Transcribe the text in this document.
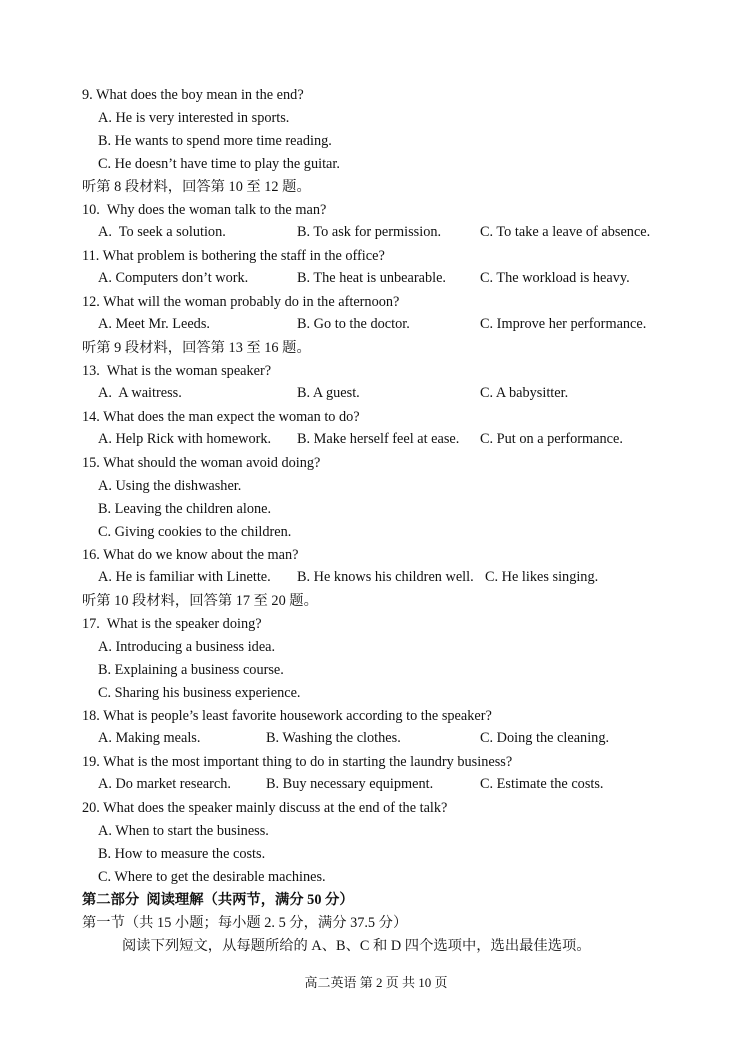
9. What does the boy mean in the end?
A. He is very interested in sports.
B. He wants to spend more time reading.
C. He doesn’t have time to play the guitar.
听第 8 段材料，回答第 10 至 12 题。
10.  Why does the woman talk to the man?
A.  To seek a solution.	B. To ask for permission.	C. To take a leave of absence.
11. What problem is bothering the staff in the office?
A. Computers don’t work.	B. The heat is unbearable. C. The workload is heavy.
12. What will the woman probably do in the afternoon?
A. Meet Mr. Leeds.	B. Go to the doctor.	C. Improve her performance.
听第 9 段材料，回答第 13 至 16 题。
13.  What is the woman speaker?
A.  A waitress.	B. A guest.	C. A babysitter.
14. What does the man expect the woman to do?
A. Help Rick with homework. B. Make herself feel at ease. C. Put on a performance.
15. What should the woman avoid doing?
A. Using the dishwasher.
B. Leaving the children alone.
C. Giving cookies to the children.
16. What do we know about the man?
A. He is familiar with Linette. B. He knows his children well. C. He likes singing.
听第 10 段材料，回答第 17 至 20 题。
17.  What is the speaker doing?
A. Introducing a business idea.
B. Explaining a business course.
C. Sharing his business experience.
18. What is people’s least favorite housework according to the speaker?
A. Making meals.	B. Washing the clothes.	C. Doing the cleaning.
19. What is the most important thing to do in starting the laundry business?
A. Do market research. B. Buy necessary equipment.	C. Estimate the costs.
20. What does the speaker mainly discuss at the end of the talk?
A. When to start the business.
B. How to measure the costs.
C. Where to get the desirable machines.
第二部分  阅读理解（共两节，满分 50 分）
第一节（共 15 小题；每小题 2. 5 分，满分 37.5 分）
阅读下列短文，从每题所给的 A、B、C 和 D 四个选项中，选出最佳选项。
高二英语 第 2 页 共 10 页
